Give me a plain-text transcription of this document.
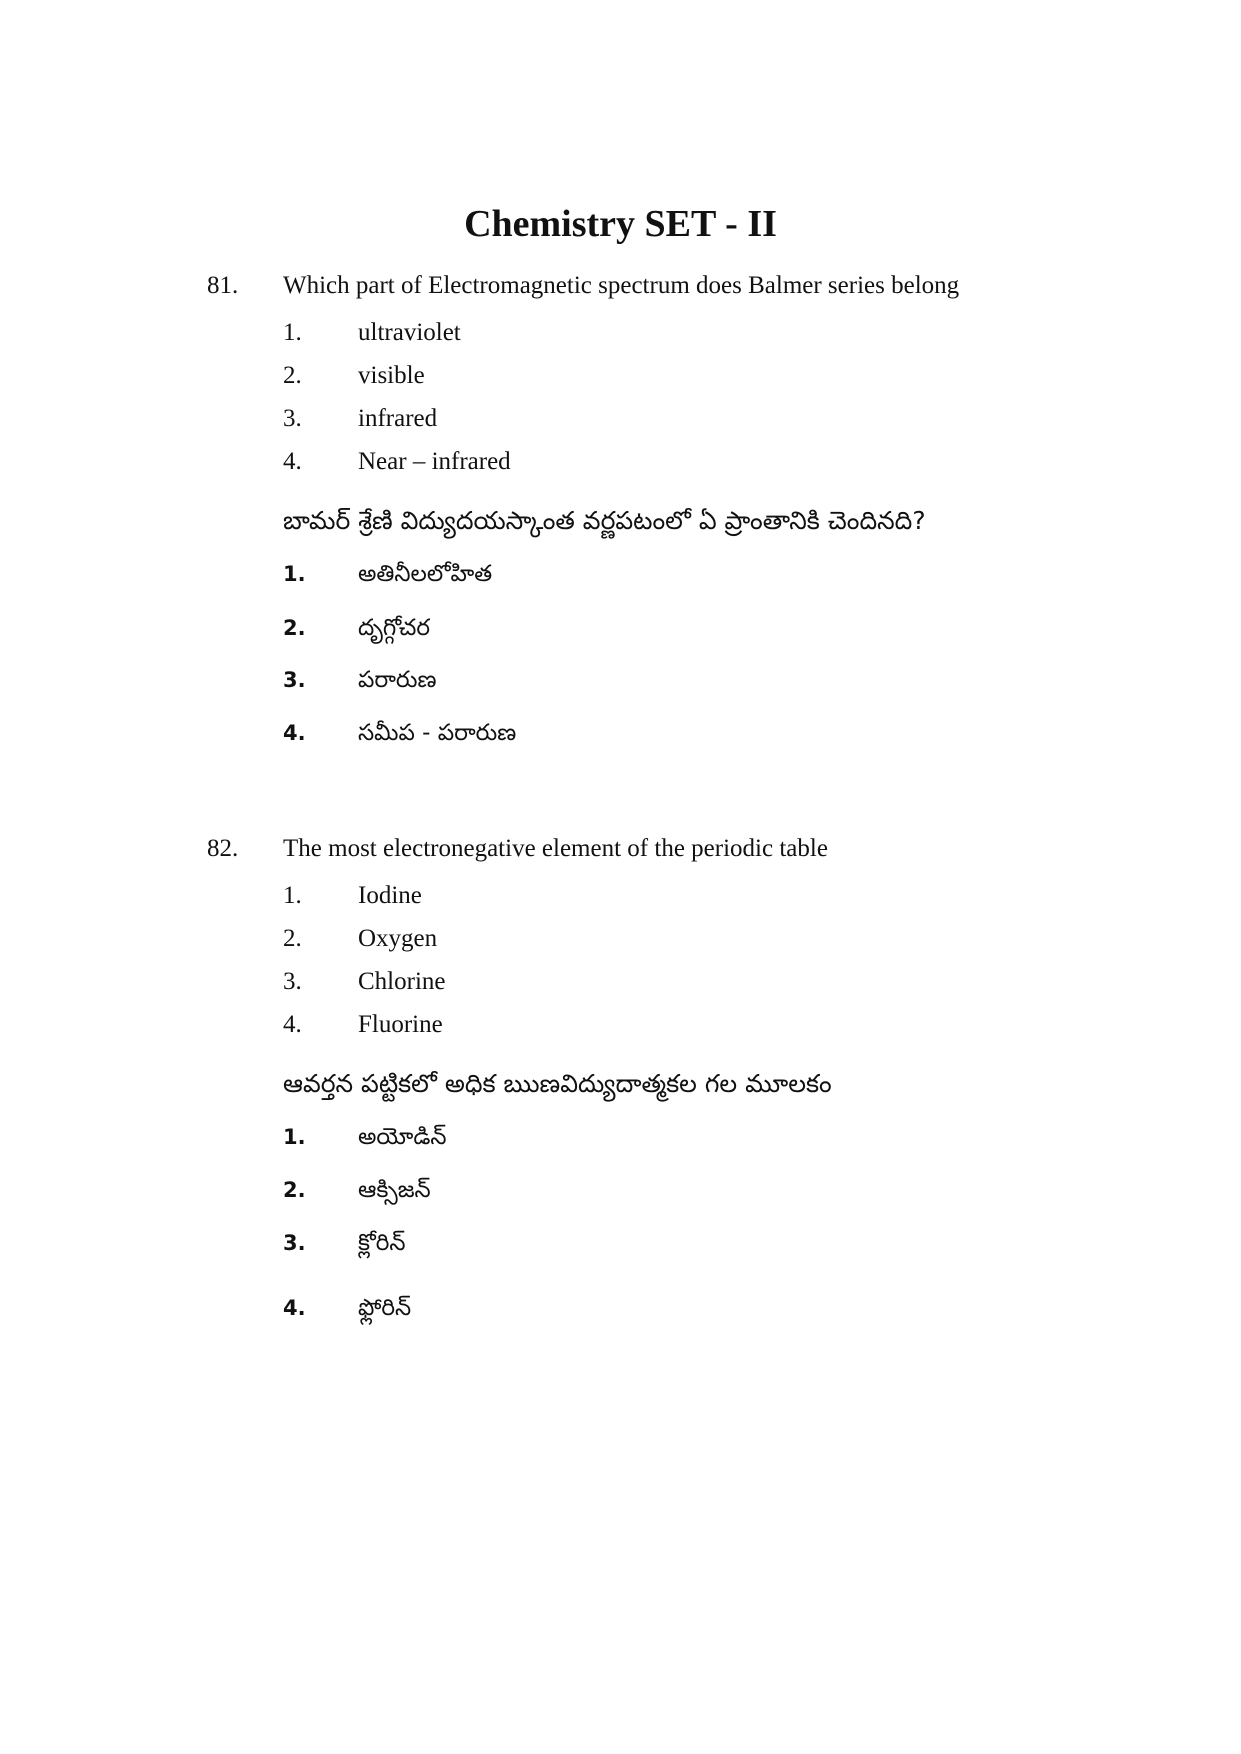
Chemistry SET - II
81. Which part of Electromagnetic spectrum does Balmer series belong
1. ultraviolet
2. visible
3. infrared
4. Near – infrared
బామర్ శ్రేణి విద్యుదయస్కాంత వర్ణపటంలో ఏ ప్రాంతానికి చెందినది?
1. అతినీలలోహిత
2. దృగ్గోచర
3. పరారుణ
4. సమీప - పరారుణ
82. The most electronegative element of the periodic table
1. Iodine
2. Oxygen
3. Chlorine
4. Fluorine
ఆవర్తన పట్టికలో అధిక ఋణవిద్యుదాత్మకల గల మూలకం
1. అయోడిన్
2. ఆక్సిజన్
3. క్లోరిన్
4. ఫ్లోరిన్
